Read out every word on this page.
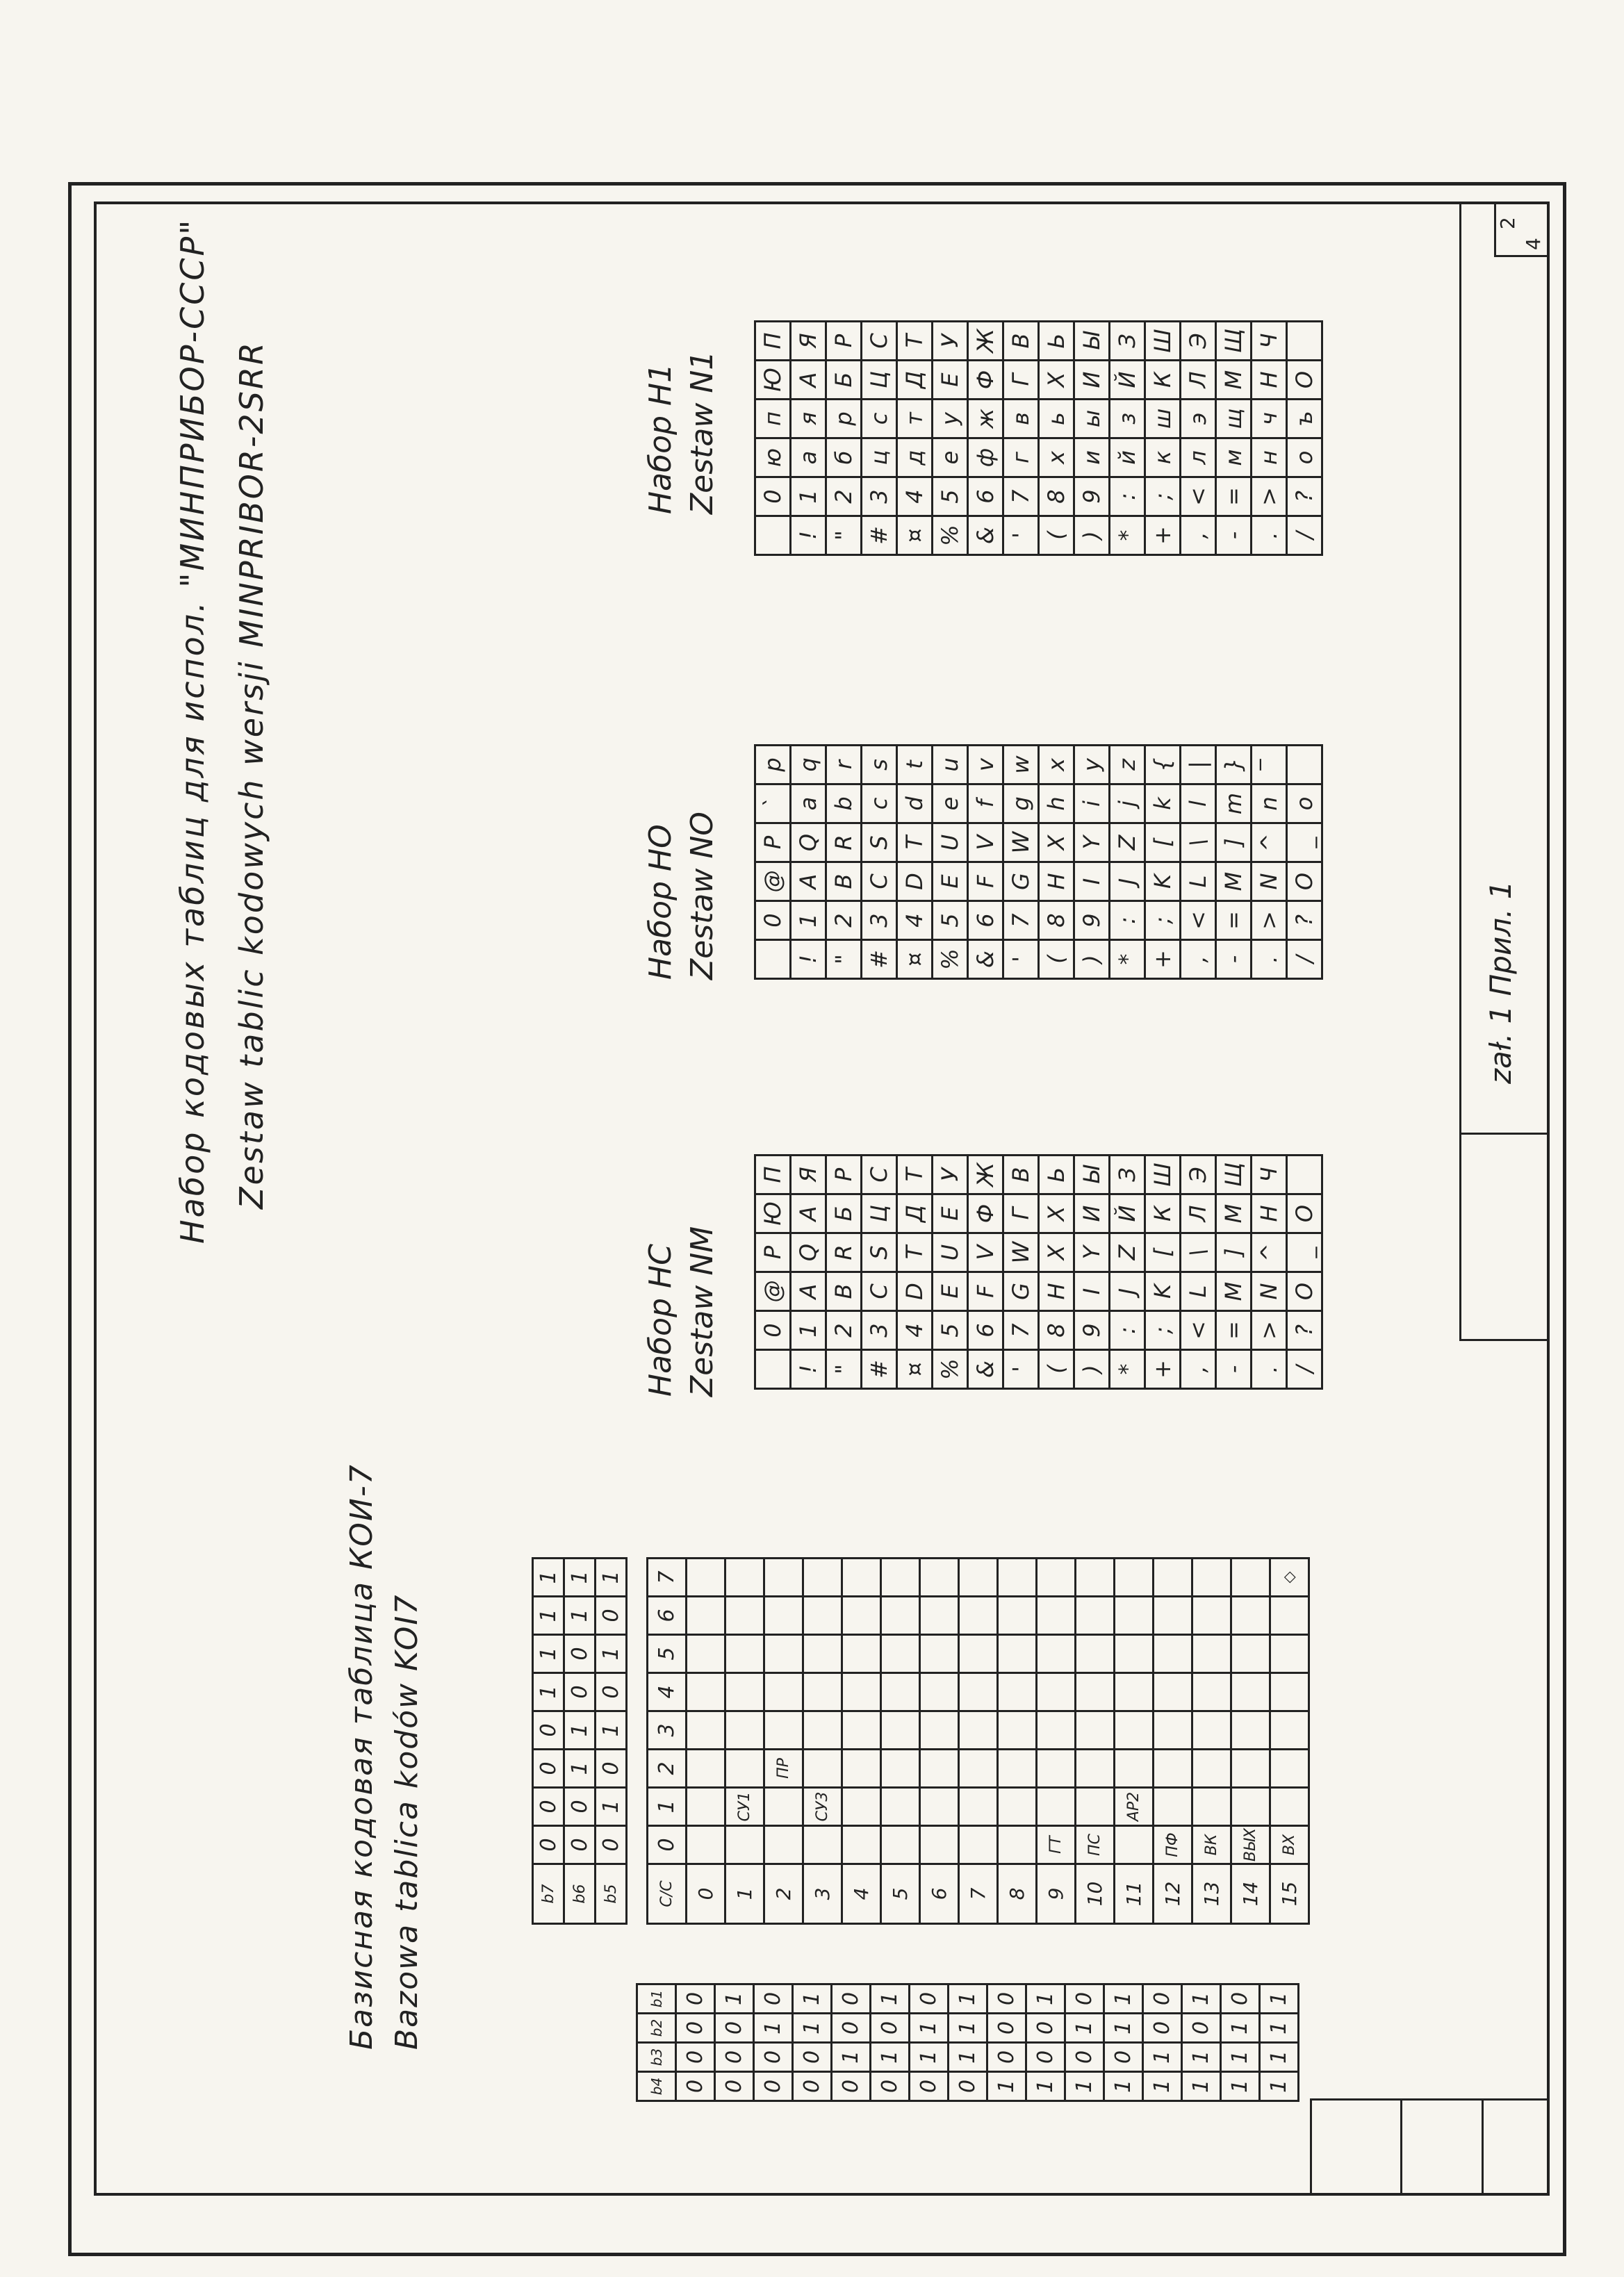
Набор кодовых таблиц для испол. "МИНПРИБОР-СССР" Zestaw tablic kodowych wersji MINPRIBOR-2SRR
Базисная кодовая таблица КОИ-7 Bazowa tablica kodów KOI7
b4	b3	b2	b1
0	0	0	0
0	0	0	1
0	0	1	0
0	0	1	1
0	1	0	0
0	1	0	1
0	1	1	0
0	1	1	1
1	0	0	0
1	0	0	1
1	0	1	0
1	0	1	1
1	1	0	0
1	1	0	1
1	1	1	0
1	1	1	1
b7	0	0	0	0	1	1	1	1
b6	0	0	1	1	0	0	1	1
b5	0	1	0	1	0	1	0	1
С/С	0	1	2	3	4	5	6	7
0								
1		СУ1						
2			ПР					
3		СУ3						
4								
5								
6								
7								
8								
9	ГТ							
10	ПС							
11		АР2						
12	ПФ							
13	ВК							
14	ВЫХ							
15	ВХ							◇
Набор НС Zestaw NM
Набор НО Zestaw NO
Набор Н1 Zestaw N1
	0	@	P	Ю	П
!	1	A	Q	А	Я
"	2	B	R	Б	Р
#	3	C	S	Ц	С
¤	4	D	T	Д	Т
%	5	E	U	Е	У
&	6	F	V	Ф	Ж
'	7	G	W	Г	В
(	8	H	X	Х	Ь
)	9	I	Y	И	Ы
*	:	J	Z	Й	З
+	;	K	[	К	Ш
,	<	L	\	Л	Э
-	=	M	]	М	Щ
.	>	N	^	Н	Ч
/	?	O	_	О	
	0	@	P	`	p
!	1	A	Q	a	q
"	2	B	R	b	r
#	3	C	S	c	s
¤	4	D	T	d	t
%	5	E	U	e	u
&	6	F	V	f	v
'	7	G	W	g	w
(	8	H	X	h	x
)	9	I	Y	i	y
*	:	J	Z	j	z
+	;	K	[	k	{
,	<	L	\	l	|
-	=	M	]	m	}
.	>	N	^	n	‾
/	?	O	_	o	
	0	ю	п	Ю	П
!	1	а	я	А	Я
"	2	б	р	Б	Р
#	3	ц	с	Ц	С
¤	4	д	т	Д	Т
%	5	е	у	Е	У
&	6	ф	ж	Ф	Ж
'	7	г	в	Г	В
(	8	х	ь	Х	Ь
)	9	и	ы	И	Ы
*	:	й	з	Й	З
+	;	к	ш	К	Ш
,	<	л	э	Л	Э
-	=	м	щ	М	Щ
.	>	н	ч	Н	Ч
/	?	о	ъ	О	
zał. 1 Прил. 1
2
4
